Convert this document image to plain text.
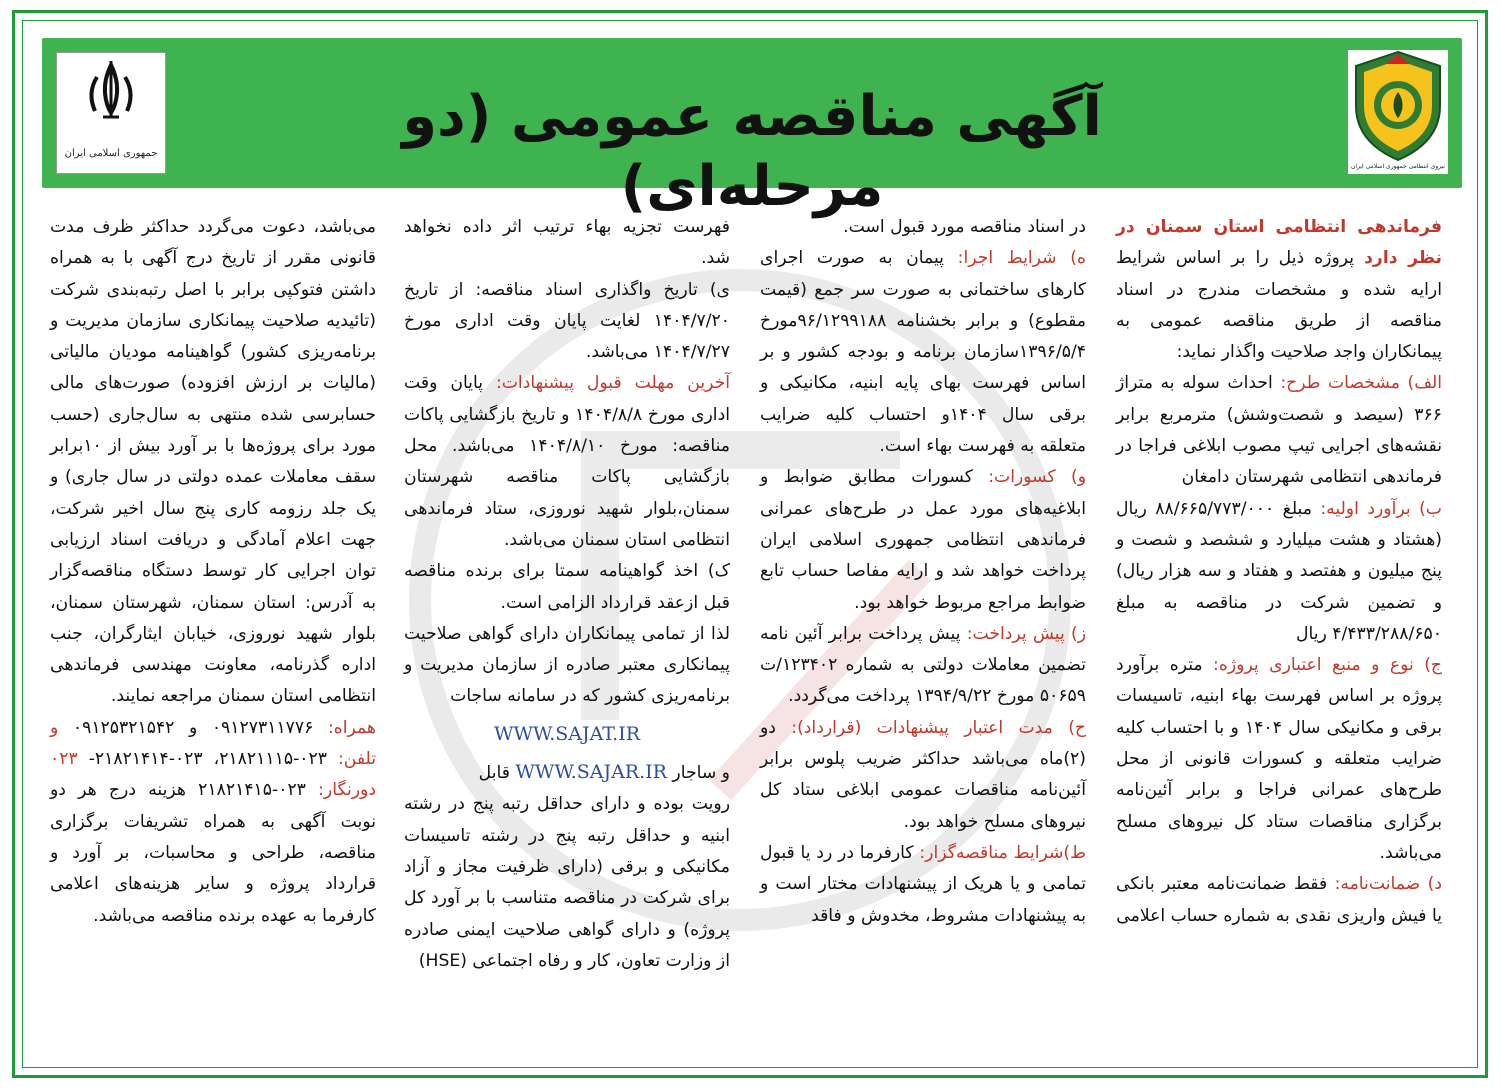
نیروی انتظامی جمهوری اسلامی ایران
آگهی مناقصه عمومی (دو مرحله‌ای)
جمهوری اسلامی ایران

فرماندهی انتظامی استان سمنان در نظر دارد پروژه ذیل را بر اساس شرایط ارایه شده و مشخصات مندرج در اسناد مناقصه از طریق مناقصه عمومی به پیمانکاران واجد صلاحیت واگذار نماید:

الف) مشخصات طرح: احداث سوله به متراژ ۳۶۶ (سیصد و شصت‌وشش) مترمربع برابر نقشه‌های اجرایی تیپ مصوب ابلاغی فراجا در فرماندهی انتظامی شهرستان دامغان

ب) برآورد اولیه: مبلغ ۸۸/۶۶۵/۷۷۳/۰۰۰ ریال (هشتاد و هشت میلیارد و ششصد و شصت و پنج میلیون و هفتصد و هفتاد و سه هزار ریال) و تضمین شرکت در مناقصه به مبلغ ۴/۴۳۳/۲۸۸/۶۵۰ ریال

ج) نوع و منبع اعتباری پروژه: متره برآورد پروژه بر اساس فهرست بهاء ابنیه، تاسیسات برقی و مکانیکی سال ۱۴۰۴ و با احتساب کلیه ضرایب متعلقه و کسورات قانونی از محل طرح‌های عمرانی فراجا و برابر آئین‌نامه برگزاری مناقصات ستاد کل نیروهای مسلح می‌باشد.

د) ضمانت‌نامه: فقط ضمانت‌نامه معتبر بانکی یا فیش واریزی نقدی به شماره حساب اعلامی

در اسناد مناقصه مورد قبول است.

ه) شرایط اجرا: پیمان به صورت اجرای کارهای ساختمانی به صورت سر جمع (قیمت مقطوع) و برابر بخشنامه ۹۶/۱۲۹۹۱۸۸مورخ ۱۳۹۶/۵/۴سازمان برنامه و بودجه کشور و بر اساس فهرست بهای پایه ابنیه، مکانیکی و برقی سال ۱۴۰۴و احتساب کلیه ضرایب متعلقه به فهرست بهاء است.

و) کسورات: کسورات مطابق ضوابط و ابلاغیه‌های مورد عمل در طرح‌های عمرانی فرماندهی انتظامی جمهوری اسلامی ایران پرداخت خواهد شد و ارایه مفاصا حساب تابع ضوابط مراجع مربوط خواهد بود.

ز) پیش پرداخت: پیش پرداخت برابر آئین نامه تضمین معاملات دولتی به شماره ۱۲۳۴۰۲/ت ۵۰۶۵۹ مورخ ۱۳۹۴/۹/۲۲ پرداخت می‌گردد.

ح) مدت اعتبار پیشنهادات (قرارداد): دو (۲)ماه می‌باشد حداکثر ضریب پلوس برابر آئین‌نامه مناقصات عمومی ابلاغی ستاد کل نیروهای مسلح خواهد بود.

ط)شرایط مناقصه‌گزار: کارفرما در رد یا قبول تمامی و یا هریک از پیشنهادات مختار است و به پیشنهادات مشروط، مخدوش و فاقد

فهرست تجزیه بهاء ترتیب اثر داده نخواهد شد.

ی) تاریخ واگذاری اسناد مناقصه: از تاریخ ۱۴۰۴/۷/۲۰ لغایت پایان وقت اداری مورخ ۱۴۰۴/۷/۲۷ می‌باشد.

آخرین مهلت قبول پیشنهادات: پایان وقت اداری مورخ ۱۴۰۴/۸/۸ و تاریخ بازگشایی پاکات مناقصه: مورخ ۱۴۰۴/۸/۱۰ می‌باشد. محل بازگشایی پاکات مناقصه شهرستان سمنان،بلوار شهید نوروزی، ستاد فرماندهی انتظامی استان سمنان می‌باشد.

ک) اخذ گواهینامه سمتا برای برنده مناقصه قبل ازعقد قرارداد الزامی است.

لذا از تمامی پیمانکاران دارای گواهی صلاحیت پیمانکاری معتبر صادره از سازمان مدیریت و برنامه‌ریزی کشور که در سامانه ساجات

WWW.SAJAT.IR

و ساجار WWW.SAJAR.IR قابل

رویت بوده و دارای حداقل رتبه پنج در رشته ابنیه و حداقل رتبه پنج در رشته تاسیسات مکانیکی و برقی (دارای ظرفیت مجاز و آزاد برای شرکت در مناقصه متناسب با بر آورد کل پروژه) و دارای گواهی صلاحیت ایمنی صادره از وزارت تعاون، کار و رفاه اجتماعی (HSE)

می‌باشد، دعوت می‌گردد حداکثر ظرف مدت قانونی مقرر از تاریخ درج آگهی با به همراه داشتن فتوکپی برابر با اصل رتبه‌بندی شرکت (تائیدیه صلاحیت پیمانکاری سازمان مدیریت و برنامه‌ریزی کشور) گواهینامه مودیان مالیاتی (مالیات بر ارزش افزوده) صورت‌های مالی حسابرسی شده منتهی به سال‌جاری (حسب مورد برای پروژه‌ها با بر آورد بیش از ۱۰برابر سقف معاملات عمده دولتی در سال جاری) و یک جلد رزومه کاری پنج سال اخیر شرکت، جهت اعلام آمادگی و دریافت اسناد ارزیابی توان اجرایی کار توسط دستگاه مناقصه‌گزار به آدرس: استان سمنان، شهرستان سمنان، بلوار شهید نوروزی، خیابان ایثارگران، جنب اداره گذرنامه، معاونت مهندسی فرماندهی انتظامی استان سمنان مراجعه نمایند.

همراه: ۰۹۱۲۷۳۱۱۷۷۶ و ۰۹۱۲۵۳۲۱۵۴۲ و تلفن: ۰۲۳-۲۱۸۲۱۱۱۵، ۰۲۳-۲۱۸۲۱۴۱۴- ۰۲۳ دورنگار: ۰۲۳-۲۱۸۲۱۴۱۵ هزینه درج هر دو نوبت آگهی به همراه تشریفات برگزاری مناقصه، طراحی و محاسبات، بر آورد و قرارداد پروژه و سایر هزینه‌های اعلامی کارفرما به عهده برنده مناقصه می‌باشد.
